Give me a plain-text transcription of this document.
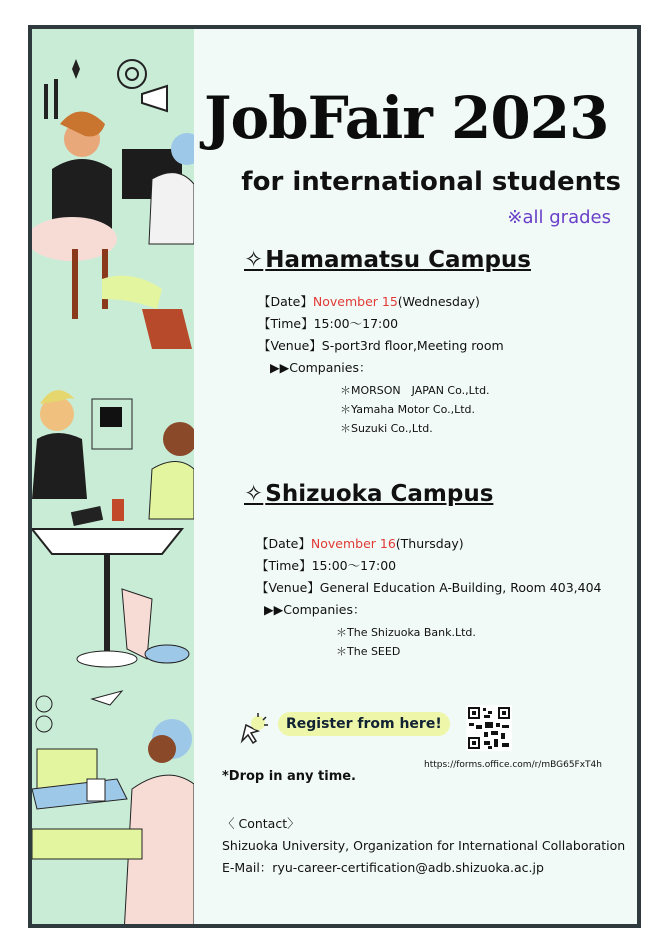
JobFair 2023
for international students
※all grades
✧Hamamatsu Campus
【Date】November 15(Wednesday)
【Time】15:00〜17:00
【Venue】S-port3rd floor,Meeting room
▶▶Companies：
＊MORSON　JAPAN Co.,Ltd.
＊Yamaha Motor Co.,Ltd.
＊Suzuki Co.,Ltd.
✧Shizuoka Campus
【Date】November 16(Thursday)
【Time】15:00〜17:00
【Venue】General Education A-Building, Room 403,404
▶▶Companies：
＊The Shizuoka Bank.Ltd.
＊The SEED
Register from here!
https://forms.office.com/r/mBG65FxT4h
*Drop in any time.
〈 Contact〉
Shizuoka University, Organization for International Collaboration
E-Mail：ryu-career-certification@adb.shizuoka.ac.jp
